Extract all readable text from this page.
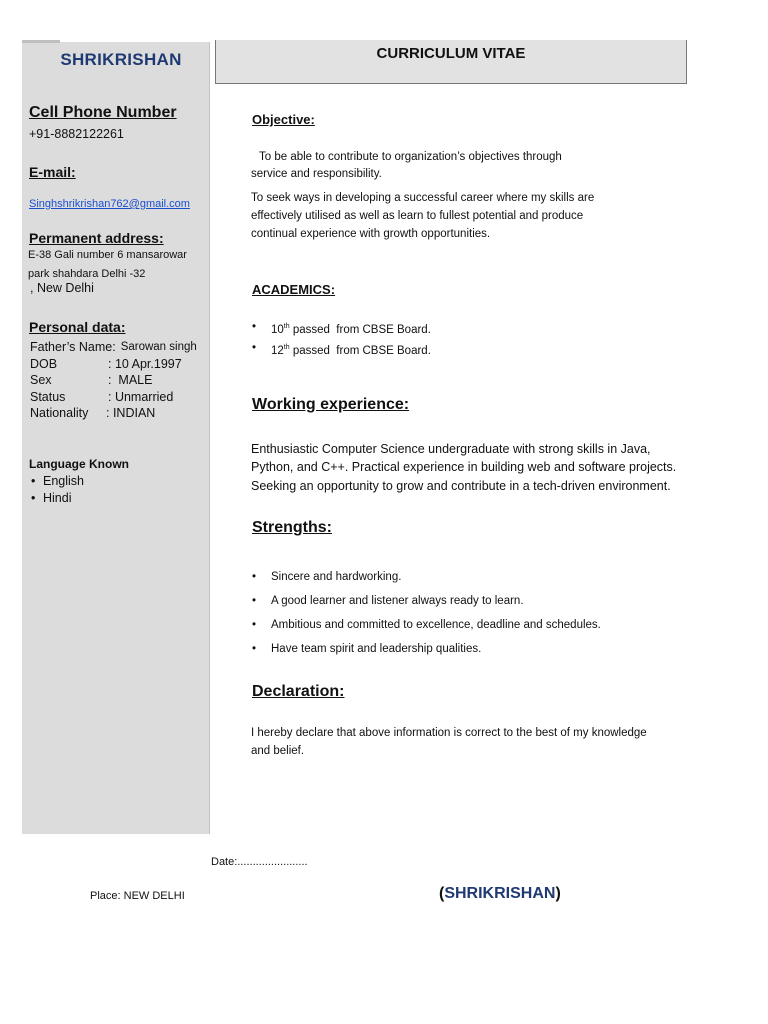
SHRIKRISHAN	CURRICULUM VITAE
Cell Phone Number
+91-8882122261
E-mail:
Singhshrikrishan762@gmail.com
Permanent address:
E-38 Gali number 6 mansarowar
park shahdara Delhi -32
, New Delhi
Personal data:
Father’s Name: Sarowan singh
DOB	: 10 Apr.1997
Sex	:  MALE
Status	: Unmarried
Nationality	: INDIAN
Language Known
• English
• Hindi
Objective:
To be able to contribute to organization’s objectives through
service and responsibility.
To seek ways in developing a successful career where my skills are
effectively utilised as well as learn to fullest potential and produce
continual experience with growth opportunities.
ACADEMICS:
• 10th passed  from CBSE Board.
• 12th passed  from CBSE Board.
Working experience:
Enthusiastic Computer Science undergraduate with strong skills in Java,
Python, and C++. Practical experience in building web and software projects.
Seeking an opportunity to grow and contribute in a tech-driven environment.
Strengths:
• Sincere and hardworking.
• A good learner and listener always ready to learn.
• Ambitious and committed to excellence, deadline and schedules.
• Have team spirit and leadership qualities.
Declaration:
I hereby declare that above information is correct to the best of my knowledge
and belief.
Date:.......................
Place: NEW DELHI	(SHRIKRISHAN)
